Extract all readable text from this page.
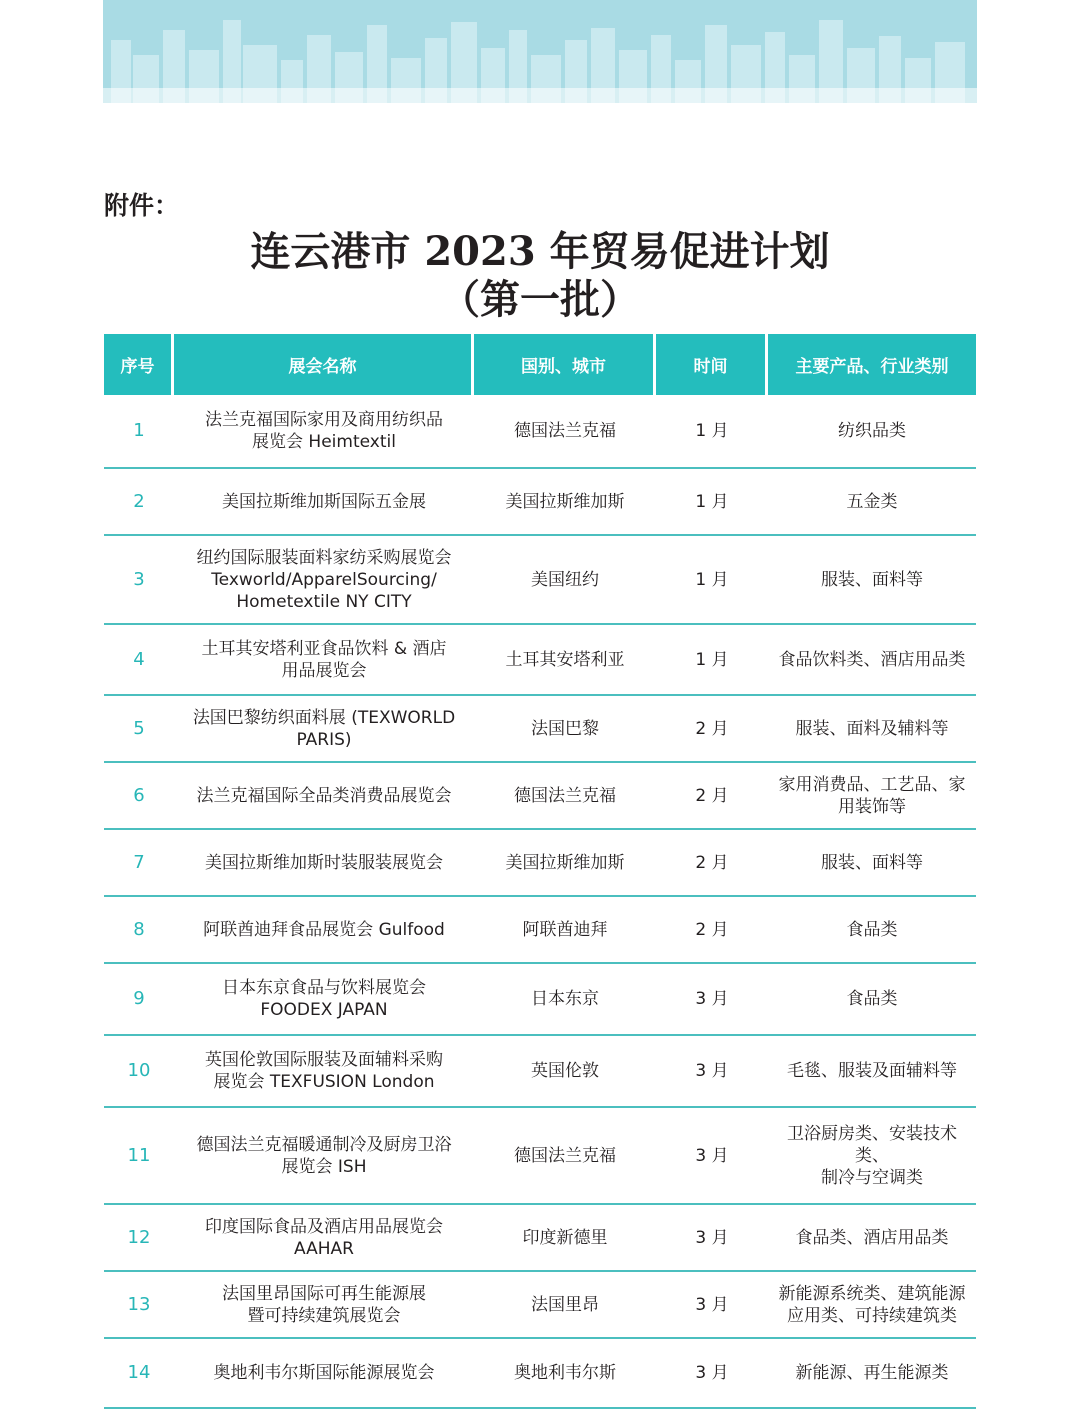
附件：
连云港市 2023 年贸易促进计划
（第一批）
序号	展会名称	国别、城市	时间	主要产品、行业类别
1	法兰克福国际家用及商用纺织品
展览会 Heimtextil	德国法兰克福	1 月	纺织品类

2	美国拉斯维加斯国际五金展	美国拉斯维加斯	1 月	五金类

3	纽约国际服装面料家纺采购展览会
Texworld/ApparelSourcing/
Hometextile NY CITY	美国纽约	1 月	服装、面料等

4	土耳其安塔利亚食品饮料 & 酒店
用品展览会	土耳其安塔利亚	1 月	食品饮料类、酒店用品类

5	法国巴黎纺织面料展 (TEXWORLD
PARIS)	法国巴黎	2 月	服装、面料及辅料等

6	法兰克福国际全品类消费品展览会	德国法兰克福	2 月	家用消费品、工艺品、家
用装饰等

7	美国拉斯维加斯时装服装展览会	美国拉斯维加斯	2 月	服装、面料等

8	阿联酋迪拜食品展览会 Gulfood	阿联酋迪拜	2 月	食品类

9	日本东京食品与饮料展览会
FOODEX JAPAN	日本东京	3 月	食品类

10	英国伦敦国际服装及面辅料采购
展览会 TEXFUSION London	英国伦敦	3 月	毛毯、服装及面辅料等

11	德国法兰克福暖通制冷及厨房卫浴
展览会 ISH	德国法兰克福	3 月	卫浴厨房类、安装技术类、
制冷与空调类

12	印度国际食品及酒店用品展览会
AAHAR	印度新德里	3 月	食品类、酒店用品类

13	法国里昂国际可再生能源展
暨可持续建筑展览会	法国里昂	3 月	新能源系统类、建筑能源
应用类、可持续建筑类

14	奥地利韦尔斯国际能源展览会	奥地利韦尔斯	3 月	新能源、再生能源类
